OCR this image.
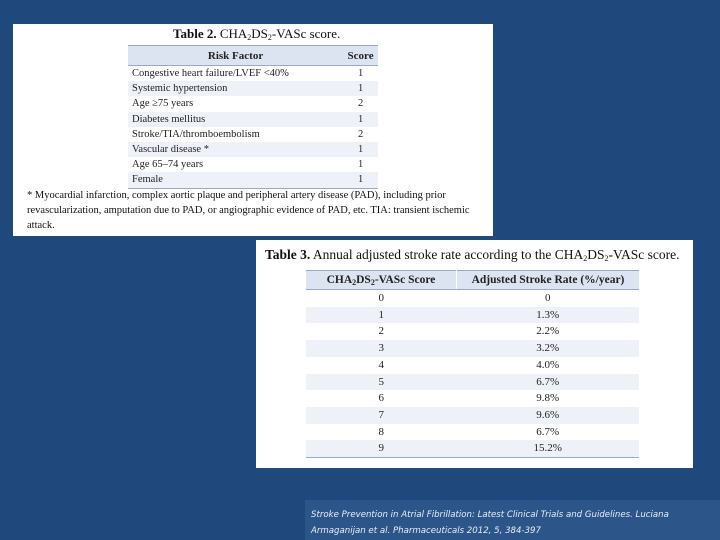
Table 2. $CHA_2DS_2$-VASc score.
Risk Factor	Score
Congestive heart failure/LVEF <40%	1
Systemic hypertension	1
Age ≥75 years	2
Diabetes mellitus	1
Stroke/TIA/thromboembolism	2
Vascular disease *	1
Age 65–74 years	1
Female	1
* Myocardial infarction, complex aortic plaque and peripheral artery disease (PAD), including prior revascularization, amputation due to PAD, or angiographic evidence of PAD, etc. TIA: transient ischemic attack.
Table 3. Annual adjusted stroke rate according to the $CHA_2DS_2$-VASc score.
$CHA_2DS_2$-VASc Score	Adjusted Stroke Rate (%/year)
0	0
1	1.3%
2	2.2%
3	3.2%
4	4.0%
5	6.7%
6	9.8%
7	9.6%
8	6.7%
9	15.2%
Stroke Prevention in Atrial Fibrillation: Latest Clinical Trials and Guidelines. Luciana
Armaganijan et al. Pharmaceuticals 2012, 5, 384-397
